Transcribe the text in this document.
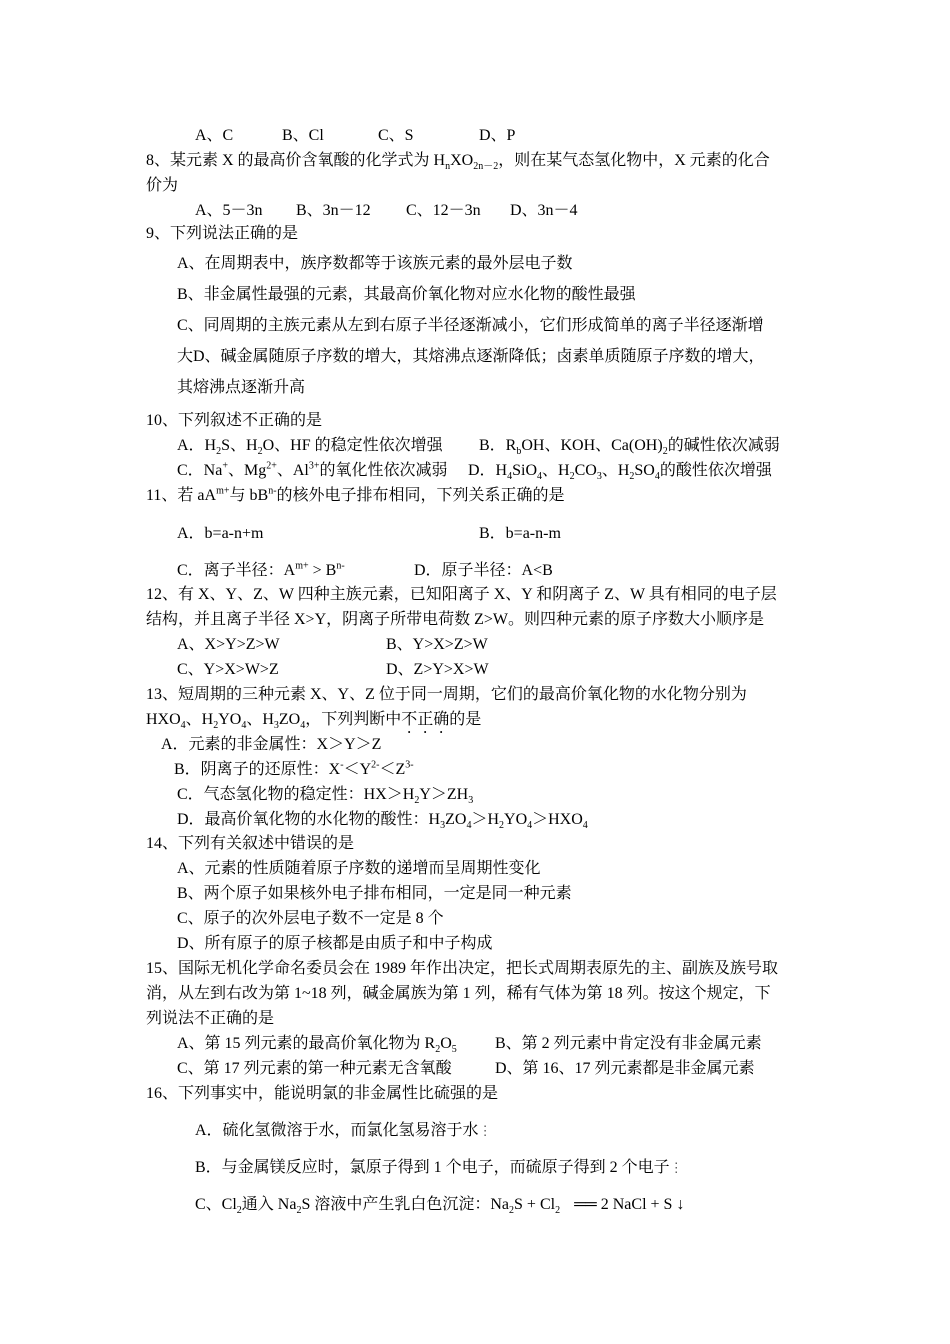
A、C	B、Cl	C、S	D、P
8、某元素 X 的最高价含氧酸的化学式为 $H_nXO_{2n-2}$，则在某气态氢化物中，X 元素的化合
价为
A、5－3n B、3n－12 C、12－3n D、3n－4
9、下列说法正确的是
A、在周期表中，族序数都等于该族元素的最外层电子数
B、非金属性最强的元素，其最高价氧化物对应水化物的酸性最强
C、同周期的主族元素从左到右原子半径逐渐减小，它们形成简单的离子半径逐渐增
大D、碱金属随原子序数的增大，其熔沸点逐渐降低；卤素单质随原子序数的增大，
其熔沸点逐渐升高
10、下列叙述不正确的是
A．$H_2S$、$H_2O$、HF 的稳定性依次增强 B．$R_bOH$、KOH、$Ca(OH)_2$的碱性依次减弱
C．Na+、$Mg^{2+}$、$Al^{3+}$的氧化性依次减弱 D．$H_4SiO_4$、$H_2CO_3$、$H_2SO_4$的酸性依次增强
11、若 $aA^{m+}$与 $bB^{n-}$的核外电子排布相同，下列关系正确的是
A．b=a-n+m	B．b=a-n-m
C．离子半径：$A^{m+} > B^{n-}$	D．原子半径：A<B
12、有 X、Y、Z、W 四种主族元素，已知阳离子 X、Y 和阴离子 Z、W 具有相同的电子层
结构，并且离子半径 X>Y，阴离子所带电荷数 Z>W。则四种元素的原子序数大小顺序是
A、X>Y>Z>W	B、Y>X>Z>W
C、Y>X>W>Z	D、Z>Y>X>W
13、短周期的三种元素 X、Y、Z 位于同一周期，它们的最高价氧化物的水化物分别为
$HXO_4$、$H_2YO_4$、$H_3ZO_4$，下列判断中不正确的是
A．元素的非金属性：X＞Y＞Z
B．阴离子的还原性：$X^-<Y^{2-}<Z^{3-}$
C．气态氢化物的稳定性：$HX>H_2Y>ZH_3$
D．最高价氧化物的水化物的酸性：$H_3ZO_4>H_2YO_4>HXO_4$
14、下列有关叙述中错误的是
A、元素的性质随着原子序数的递增而呈周期性变化
B、两个原子如果核外电子排布相同，一定是同一种元素
C、原子的次外层电子数不一定是 8 个
D、所有原子的原子核都是由质子和中子构成
15、国际无机化学命名委员会在 1989 年作出决定，把长式周期表原先的主、副族及族号取
消，从左到右改为第 1~18 列，碱金属族为第 1 列，稀有气体为第 18 列。按这个规定，下
列说法不正确的是
A、第 15 列元素的最高价氧化物为 $R_2O_5$ B、第 2 列元素中肯定没有非金属元素
C、第 17 列元素的第一种元素无含氧酸	D、第 16、17 列元素都是非金属元素
16、下列事实中，能说明氯的非金属性比硫强的是
A．硫化氢微溶于水，而氯化氢易溶于水⋮
B．与金属镁反应时，氯原子得到 1 个电子，而硫原子得到 2 个电子⋮
C、$Cl_2$通入 $Na_2S$ 溶液中产生乳白色沉淀：$Na_2S + Cl_2$ ══ 2 NaCl + S ↓
